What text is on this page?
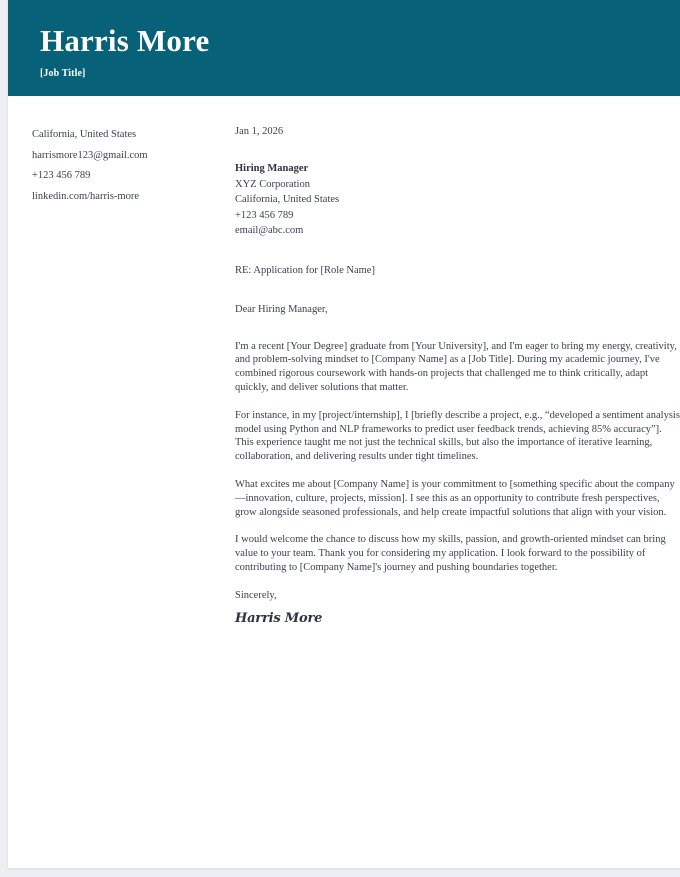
Harris More
[Job Title]
California, United States
harrismore123@gmail.com
+123 456 789
linkedin.com/harris-more
Jan 1, 2026
Hiring Manager
XYZ Corporation
California, United States
+123 456 789
email@abc.com
RE: Application for [Role Name]
Dear Hiring Manager,

I'm a recent [Your Degree] graduate from [Your University], and I'm eager to bring my energy, creativity, and problem-solving mindset to [Company Name] as a [Job Title]. During my academic journey, I've combined rigorous coursework with hands-on projects that challenged me to think critically, adapt quickly, and deliver solutions that matter.

For instance, in my [project/internship], I [briefly describe a project, e.g., “developed a sentiment analysis model using Python and NLP frameworks to predict user feedback trends, achieving 85% accuracy”]. This experience taught me not just the technical skills, but also the importance of iterative learning, collaboration, and delivering results under tight timelines.

What excites me about [Company Name] is your commitment to [something specific about the company—innovation, culture, projects, mission]. I see this as an opportunity to contribute fresh perspectives, grow alongside seasoned professionals, and help create impactful solutions that align with your vision.

I would welcome the chance to discuss how my skills, passion, and growth-oriented mindset can bring value to your team. Thank you for considering my application. I look forward to the possibility of contributing to [Company Name]'s journey and pushing boundaries together.

Sincerely,
Harris More
